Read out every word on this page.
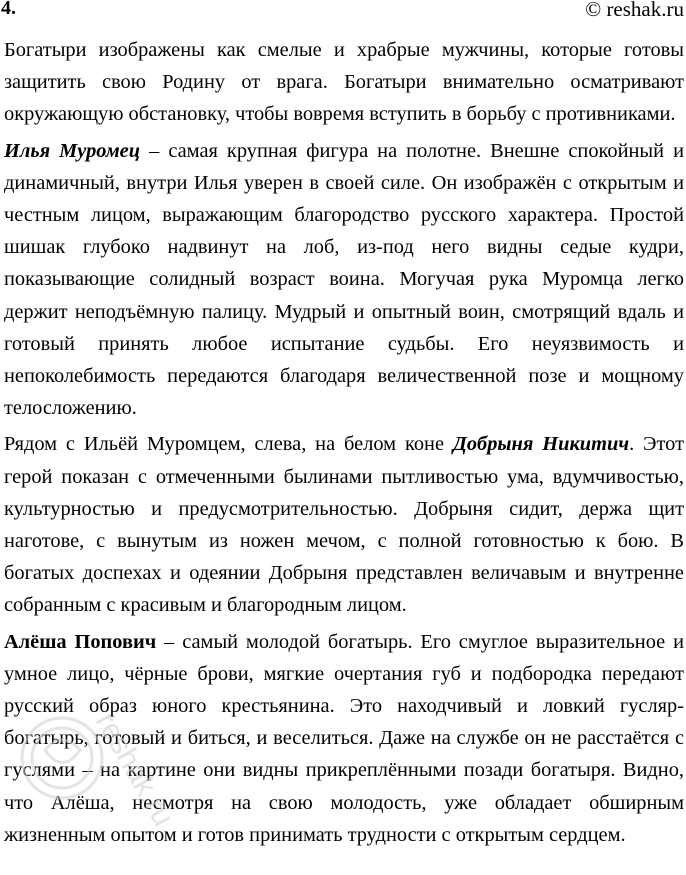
4.	© reshak.ru

Богатыри изображены как смелые и храбрые мужчины, которые готовы защитить свою Родину от врага. Богатыри внимательно осматривают окружающую обстановку, чтобы вовремя вступить в борьбу с противниками.

Илья Муромец – самая крупная фигура на полотне. Внешне спокойный и динамичный, внутри Илья уверен в своей силе. Он изображён с открытым и честным лицом, выражающим благородство русского характера. Простой шишак глубоко надвинут на лоб, из-под него видны седые кудри, показывающие солидный возраст воина. Могучая рука Муромца легко держит неподъёмную палицу. Мудрый и опытный воин, смотрящий вдаль и готовый принять любое испытание судьбы. Его неуязвимость и непоколебимость передаются благодаря величественной позе и мощному телосложению.

Рядом с Ильёй Муромцем, слева, на белом коне Добрыня Никитич. Этот герой показан с отмеченными былинами пытливостью ума, вдумчивостью, культурностью и предусмотрительностью. Добрыня сидит, держа щит наготове, с вынутым из ножен мечом, с полной готовностью к бою. В богатых доспехах и одеянии Добрыня представлен величавым и внутренне собранным с красивым и благородным лицом.

Алёша Попович – самый молодой богатырь. Его смуглое выразительное и умное лицо, чёрные брови, мягкие очертания губ и подбородка передают русский образ юного крестьянина. Это находчивый и ловкий гусляр-богатырь, готовый и биться, и веселиться. Даже на службе он не расстаётся с гуслями – на картине они видны прикреплёнными позади богатыря. Видно, что Алёша, несмотря на свою молодость, уже обладает обширным жизненным опытом и готов принимать трудности с открытым сердцем.

reshak.ru
